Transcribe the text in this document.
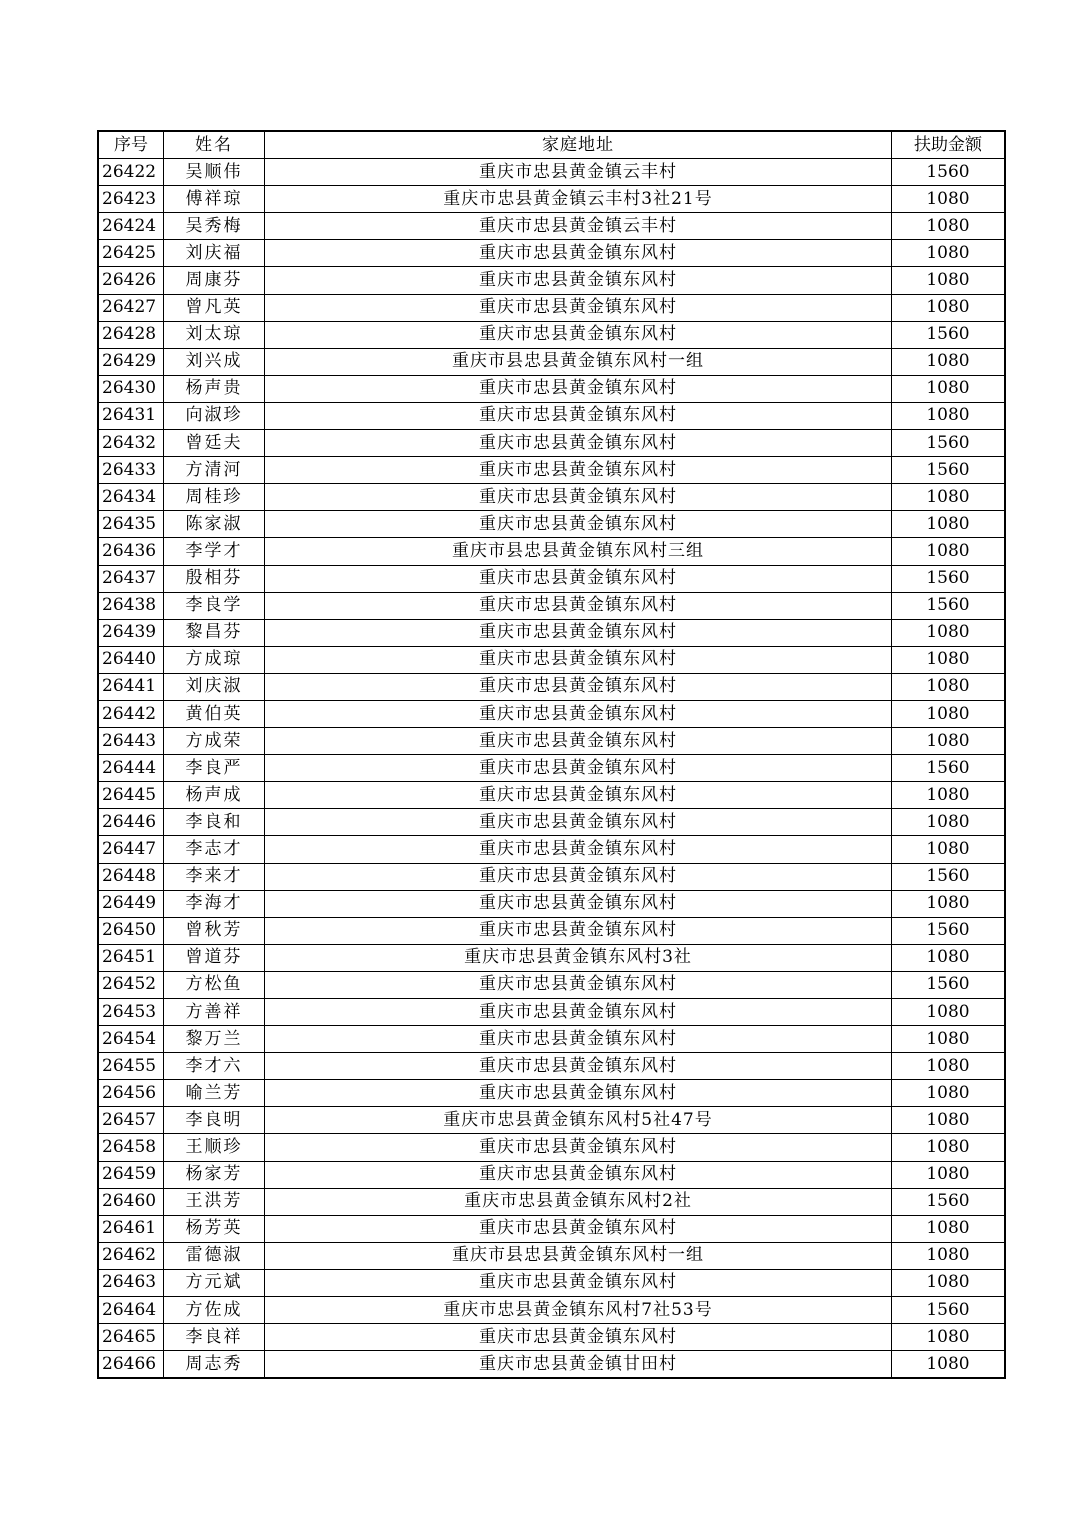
序号	姓名	家庭地址	扶助金额
26422	吴顺伟	重庆市忠县黄金镇云丰村	1560
26423	傅祥琼	重庆市忠县黄金镇云丰村3社21号	1080
26424	吴秀梅	重庆市忠县黄金镇云丰村	1080
26425	刘庆福	重庆市忠县黄金镇东风村	1080
26426	周康芬	重庆市忠县黄金镇东风村	1080
26427	曾凡英	重庆市忠县黄金镇东风村	1080
26428	刘太琼	重庆市忠县黄金镇东风村	1560
26429	刘兴成	重庆市县忠县黄金镇东风村一组	1080
26430	杨声贵	重庆市忠县黄金镇东风村	1080
26431	向淑珍	重庆市忠县黄金镇东风村	1080
26432	曾廷夫	重庆市忠县黄金镇东风村	1560
26433	方清河	重庆市忠县黄金镇东风村	1560
26434	周桂珍	重庆市忠县黄金镇东风村	1080
26435	陈家淑	重庆市忠县黄金镇东风村	1080
26436	李学才	重庆市县忠县黄金镇东风村三组	1080
26437	殷相芬	重庆市忠县黄金镇东风村	1560
26438	李良学	重庆市忠县黄金镇东风村	1560
26439	黎昌芬	重庆市忠县黄金镇东风村	1080
26440	方成琼	重庆市忠县黄金镇东风村	1080
26441	刘庆淑	重庆市忠县黄金镇东风村	1080
26442	黄伯英	重庆市忠县黄金镇东风村	1080
26443	方成荣	重庆市忠县黄金镇东风村	1080
26444	李良严	重庆市忠县黄金镇东风村	1560
26445	杨声成	重庆市忠县黄金镇东风村	1080
26446	李良和	重庆市忠县黄金镇东风村	1080
26447	李志才	重庆市忠县黄金镇东风村	1080
26448	李来才	重庆市忠县黄金镇东风村	1560
26449	李海才	重庆市忠县黄金镇东风村	1080
26450	曾秋芳	重庆市忠县黄金镇东风村	1560
26451	曾道芬	重庆市忠县黄金镇东风村3社	1080
26452	方松鱼	重庆市忠县黄金镇东风村	1560
26453	方善祥	重庆市忠县黄金镇东风村	1080
26454	黎万兰	重庆市忠县黄金镇东风村	1080
26455	李才六	重庆市忠县黄金镇东风村	1080
26456	喻兰芳	重庆市忠县黄金镇东风村	1080
26457	李良明	重庆市忠县黄金镇东风村5社47号	1080
26458	王顺珍	重庆市忠县黄金镇东风村	1080
26459	杨家芳	重庆市忠县黄金镇东风村	1080
26460	王洪芳	重庆市忠县黄金镇东风村2社	1560
26461	杨芳英	重庆市忠县黄金镇东风村	1080
26462	雷德淑	重庆市县忠县黄金镇东风村一组	1080
26463	方元斌	重庆市忠县黄金镇东风村	1080
26464	方佐成	重庆市忠县黄金镇东风村7社53号	1560
26465	李良祥	重庆市忠县黄金镇东风村	1080
26466	周志秀	重庆市忠县黄金镇甘田村	1080
